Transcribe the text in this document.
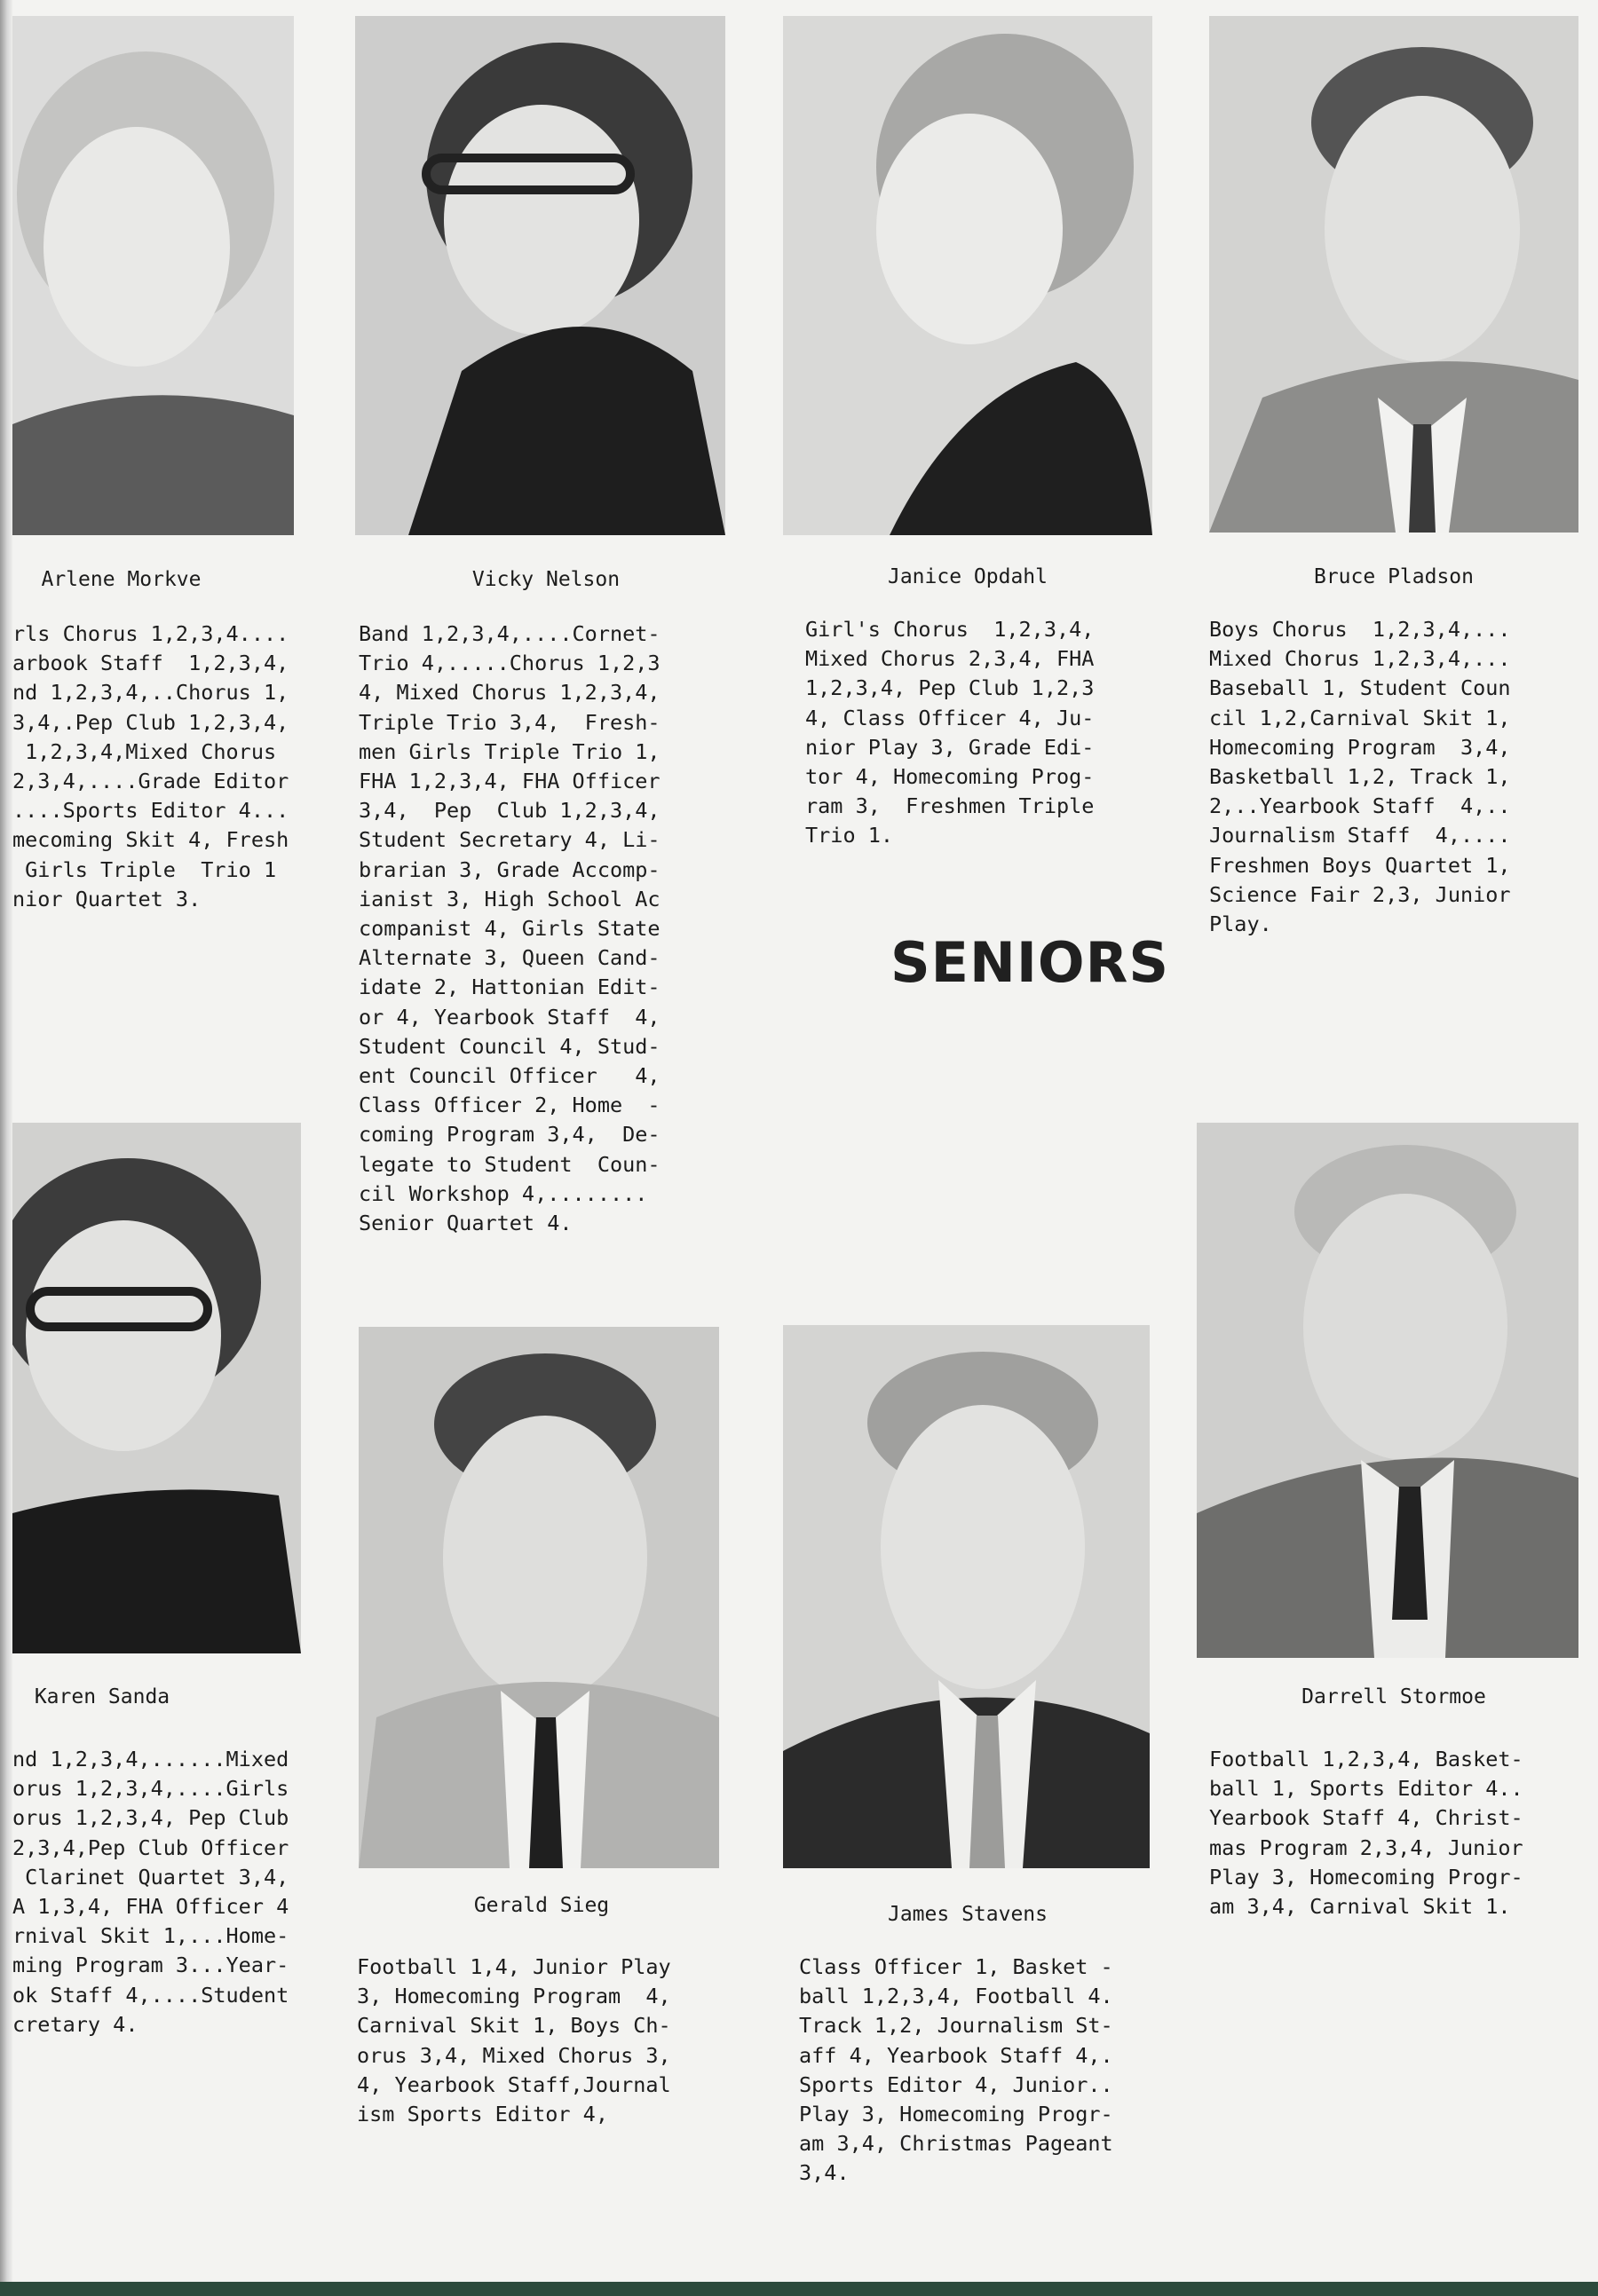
Arlene Morkve	Vicky Nelson	Janice Opdahl	Bruce Pladson
Karen Sanda
Gerald Sieg	James Stavens
Darrell Stormoe
rls Chorus 1,2,3,4....
arbook Staff  1,2,3,4,
nd 1,2,3,4,..Chorus 1,
3,4,.Pep Club 1,2,3,4,
1,2,3,4,Mixed Chorus
2,3,4,....Grade Editor
....Sports Editor 4...
mecoming Skit 4, Fresh
Girls Triple  Trio 1
nior Quartet 3.
Band 1,2,3,4,....Cornet-
Trio 4,.....Chorus 1,2,3
4, Mixed Chorus 1,2,3,4,
Triple Trio 3,4,  Fresh-
men Girls Triple Trio 1,
FHA 1,2,3,4, FHA Officer
3,4,  Pep  Club 1,2,3,4,
Student Secretary 4, Li-
brarian 3, Grade Accomp-
ianist 3, High School Ac
companist 4, Girls State
Alternate 3, Queen Cand-
idate 2, Hattonian Edit-
or 4, Yearbook Staff  4,
Student Council 4, Stud-
ent Council Officer   4,
Class Officer 2, Home  -
coming Program 3,4,  De-
legate to Student  Coun-
cil Workshop 4,........
Senior Quartet 4.
Girl's Chorus  1,2,3,4,
Mixed Chorus 2,3,4, FHA
1,2,3,4, Pep Club 1,2,3
4, Class Officer 4, Ju-
nior Play 3, Grade Edi-
tor 4, Homecoming Prog-
ram 3,  Freshmen Triple
Trio 1.
Boys Chorus  1,2,3,4,...
Mixed Chorus 1,2,3,4,...
Baseball 1, Student Coun
cil 1,2,Carnival Skit 1,
Homecoming Program  3,4,
Basketball 1,2, Track 1,
2,..Yearbook Staff  4,..
Journalism Staff  4,....
Freshmen Boys Quartet 1,
Science Fair 2,3, Junior
Play.
nd 1,2,3,4,......Mixed
orus 1,2,3,4,....Girls
orus 1,2,3,4, Pep Club
2,3,4,Pep Club Officer
Clarinet Quartet 3,4,
A 1,3,4, FHA Officer 4
rnival Skit 1,...Home-
ming Program 3...Year-
ok Staff 4,....Student
cretary 4.
Football 1,4, Junior Play
3, Homecoming Program  4,
Carnival Skit 1, Boys Ch-
orus 3,4, Mixed Chorus 3,
4, Yearbook Staff,Journal
ism Sports Editor 4,
Class Officer 1, Basket -
ball 1,2,3,4, Football 4.
Track 1,2, Journalism St-
aff 4, Yearbook Staff 4,.
Sports Editor 4, Junior..
Play 3, Homecoming Progr-
am 3,4, Christmas Pageant
3,4.
Football 1,2,3,4, Basket-
ball 1, Sports Editor 4..
Yearbook Staff 4, Christ-
mas Program 2,3,4, Junior
Play 3, Homecoming Progr-
am 3,4, Carnival Skit 1.
SENIORS
